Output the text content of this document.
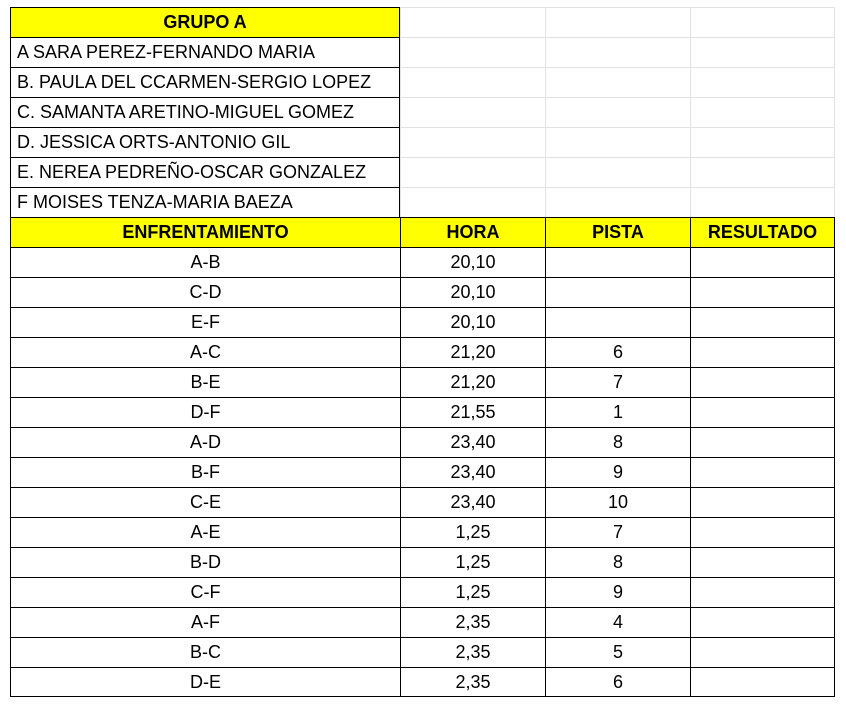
GRUPO A
A SARA PEREZ-FERNANDO MARIA
B. PAULA DEL CCARMEN-SERGIO LOPEZ
C. SAMANTA ARETINO-MIGUEL GOMEZ
D. JESSICA ORTS-ANTONIO GIL
E. NEREA PEDREÑO-OSCAR GONZALEZ
F MOISES TENZA-MARIA BAEZA
ENFRENTAMIENTO	HORA	PISTA	RESULTADO
A-B	20,10
C-D	20,10
E-F	20,10
A-C	21,20	6
B-E	21,20	7
D-F	21,55	1
A-D	23,40	8
B-F	23,40	9
C-E	23,40	10
A-E	1,25	7
B-D	1,25	8
C-F	1,25	9
A-F	2,35	4
B-C	2,35	5
D-E	2,35	6
